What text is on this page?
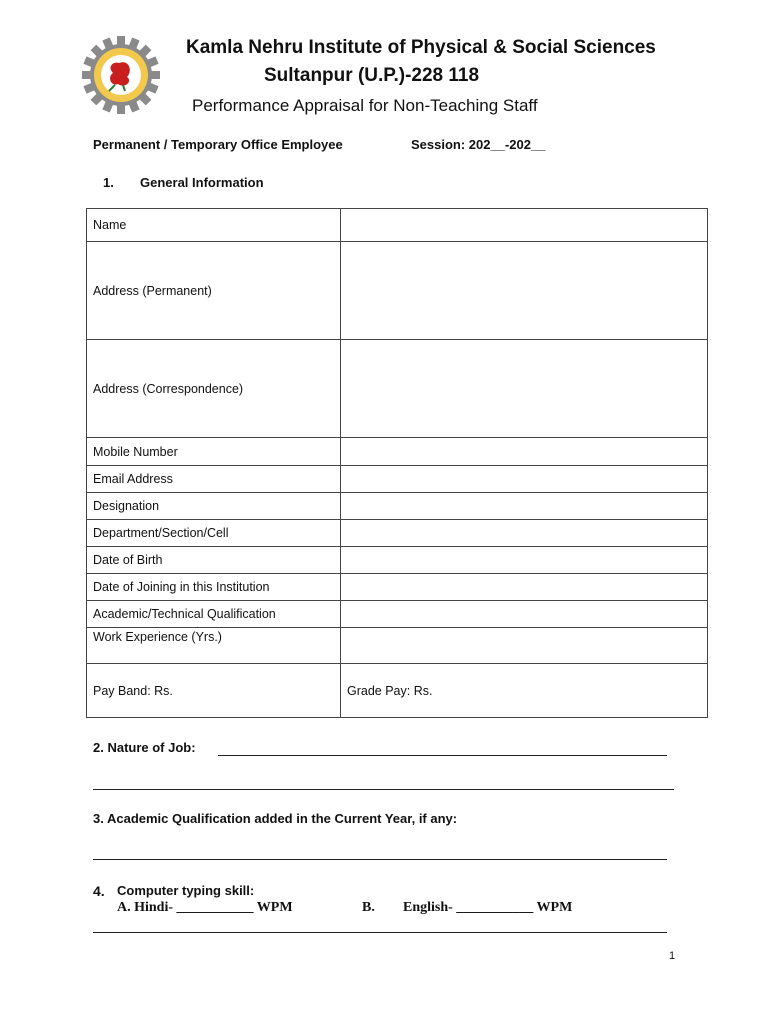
Kamla Nehru Institute of Physical & Social Sciences
Sultanpur (U.P.)-228 118
Performance Appraisal for Non-Teaching Staff
Permanent / Temporary Office Employee	Session: 202__-202__
1. General Information
Name	
Address (Permanent)	
Address (Correspondence)	
Mobile Number	
Email Address	
Designation	
Department/Section/Cell	
Date of Birth	
Date of Joining in this Institution	
Academic/Technical Qualification	
Work Experience (Yrs.)	
Pay Band: Rs.	Grade Pay: Rs.
2. Nature of Job:
3. Academic Qualification added in the Current Year, if any:
4. Computer typing skill:
A. Hindi- ___________ WPM	B. English- ___________ WPM
1
